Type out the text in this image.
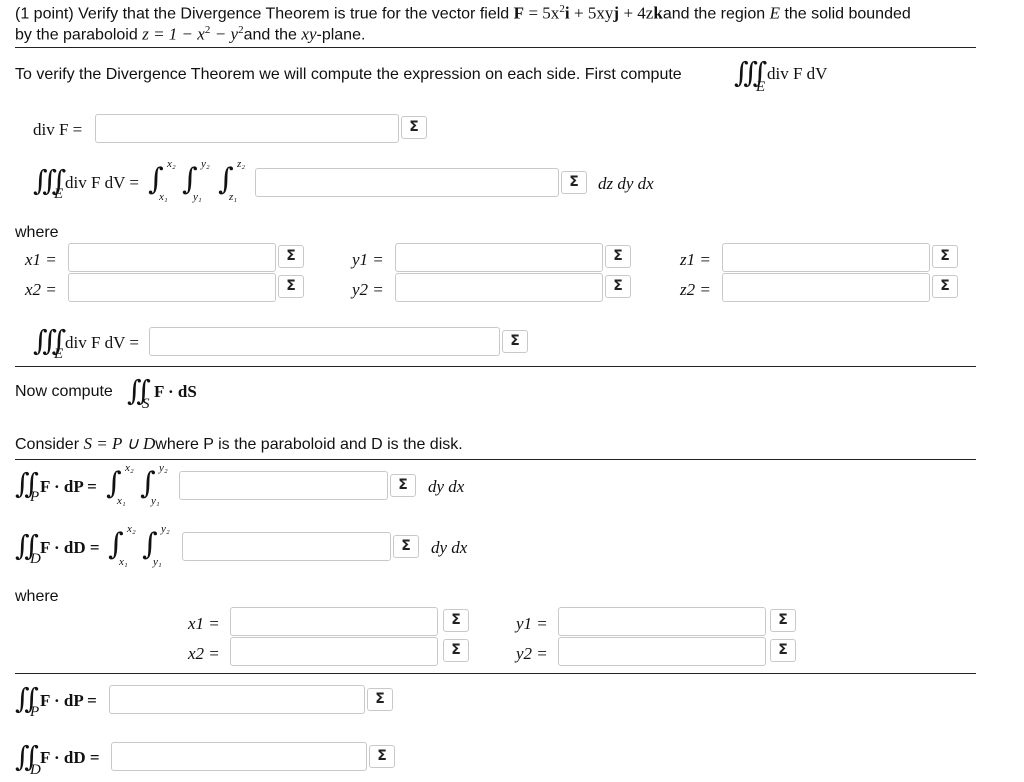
(1 point) Verify that the Divergence Theorem is true for the vector field $F = 5x^2i + 5xyj$ + 4zkand the region E the solid bounded
by the paraboloid $z = 1 - x^2 - y^2and$ the xy-plane.
To verify the Divergence Theorem we will compute the expression on each side. First compute ∭ E
div F dV
div F =	Σ
∭ E
div F dV = ∫ x₂
x₁ ∫ y₂
y₁ ∫ z₂
z₁
Σ	dz dy dx
where
x1 =	Σ	y1 =	Σ	z1 =	Σ
x2 =	Σ	y2 =	Σ	z2 =	Σ
∭ E
div F dV =	Σ
Now compute ∬ S
F · dS
Consider S = P ∪ Dwhere P is the paraboloid and D is the disk.
∬ P
F · dP = ∫ x₂
x₁ ∫ y₂
y₁
Σ	dy dx
∬ D
F · dD = ∫ x₂
x₁ ∫ y₂
y₁
Σ	dy dx
where
x1 =	Σ	y1 =	Σ
x2 =	Σ	y2 =	Σ
∬ P
F · dP =	Σ
∬ D
F · dD =	Σ
